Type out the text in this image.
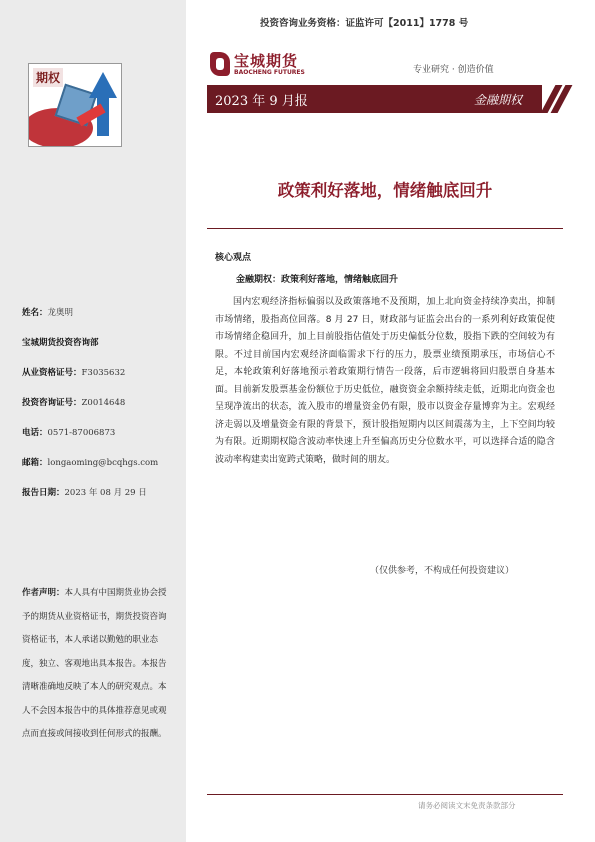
期权
姓名：龙奥明
宝城期货投资咨询部
从业资格证号：F3035632
投资咨询证号：Z0014648
电话：0571-87006873
邮箱：longaoming@bcqhgs.com
报告日期：2023 年 08 月 29 日
作者声明：本人具有中国期货业协会授予的期货从业资格证书，期货投资咨询资格证书，本人承诺以勤勉的职业态度，独立、客观地出具本报告。本报告清晰准确地反映了本人的研究观点。本人不会因本报告中的具体推荐意见或观点而直接或间接收到任何形式的报酬。
投资咨询业务资格：证监许可【2011】1778 号
宝城期货
BAOCHENG FUTURES	专业研究 · 创造价值
2023 年 9 月报	金融期权
政策利好落地，情绪触底回升
核心观点
金融期权：政策利好落地，情绪触底回升
国内宏观经济指标偏弱以及政策落地不及预期，加上北向资金持续净卖出，抑制市场情绪，股指高位回落。8 月 27 日，财政部与证监会出台的一系列利好政策促使市场情绪企稳回升，加上目前股指估值处于历史偏低分位数，股指下跌的空间较为有限。不过目前国内宏观经济面临需求下行的压力，股票业绩预期承压，市场信心不足，本轮政策利好落地预示着政策期行情告一段落，后市逻辑将回归股票自身基本面。目前新发股票基金份额位于历史低位，融资资金余额持续走低，近期北向资金也呈现净流出的状态，流入股市的增量资金仍有限，股市以资金存量博弈为主。宏观经济走弱以及增量资金有限的背景下，预计股指短期内以区间震荡为主，上下空间均较为有限。近期期权隐含波动率快速上升至偏高历史分位数水平，可以选择合适的隐含波动率构建卖出宽跨式策略，做时间的朋友。
（仅供参考，不构成任何投资建议）
请务必阅读文末免责条款部分
